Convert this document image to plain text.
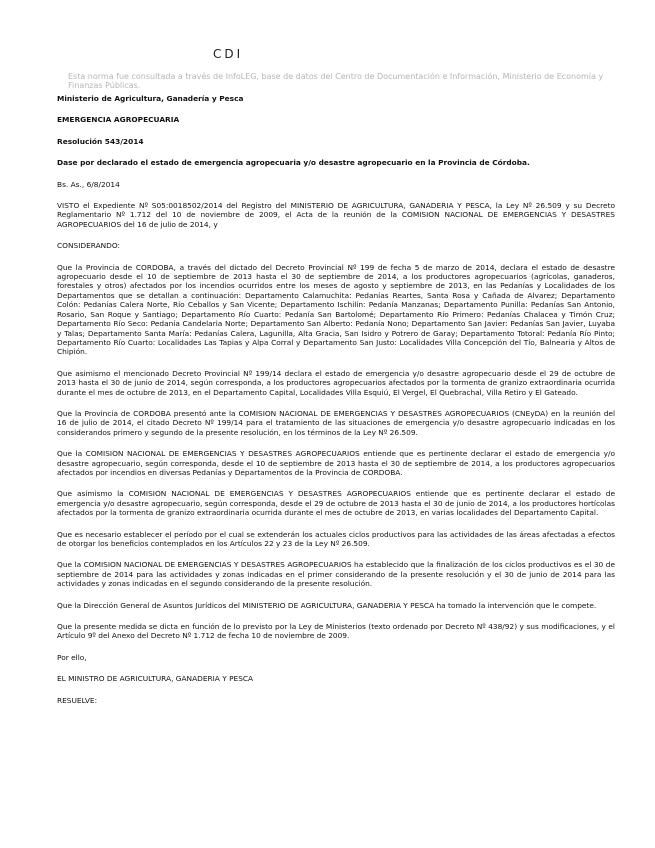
CDI
Esta norma fue consultada a través de InfoLEG, base de datos del Centro de Documentación e Información, Ministerio de Economía y Finanzas Públicas.

Ministerio de Agricultura, Ganadería y Pesca

EMERGENCIA AGROPECUARIA

Resolución 543/2014

Dase por declarado el estado de emergencia agropecuaria y/o desastre agropecuario en la Provincia de Córdoba.

Bs. As., 6/8/2014

VISTO el Expediente Nº S05:0018502/2014 del Registro del MINISTERIO DE AGRICULTURA, GANADERIA Y PESCA, la Ley Nº 26.509 y su Decreto Reglamentario Nº 1.712 del 10 de noviembre de 2009, el Acta de la reunión de la COMISION NACIONAL DE EMERGENCIAS Y DESASTRES AGROPECUARIOS del 16 de julio de 2014, y

CONSIDERANDO:

Que la Provincia de CORDOBA, a través del dictado del Decreto Provincial Nº 199 de fecha 5 de marzo de 2014, declara el estado de desastre agropecuario desde el 10 de septiembre de 2013 hasta el 30 de septiembre de 2014, a los productores agropecuarios (agrícolas, ganaderos, forestales y otros) afectados por los incendios ocurridos entre los meses de agosto y septiembre de 2013, en las Pedanías y Localidades de los Departamentos que se detallan a continuación: Departamento Calamuchita: Pedanías Reartes, Santa Rosa y Cañada de Alvarez; Departamento Colón: Pedanías Calera Norte, Río Ceballos y San Vicente; Departamento Ischilín: Pedanía Manzanas; Departamento Punilla: Pedanías San Antonio, Rosario, San Roque y Santiago; Departamento Río Cuarto: Pedanía San Bartolomé; Departamento Río Primero: Pedanías Chalacea y Timón Cruz; Departamento Río Seco: Pedanía Candelaria Norte; Departamento San Alberto: Pedanía Nono; Departamento San Javier: Pedanías San Javier, Luyaba y Talas; Departamento Santa María: Pedanías Calera, Lagunilla, Alta Gracia, San Isidro y Potrero de Garay; Departamento Totoral: Pedanía Río Pinto; Departamento Río Cuarto: Localidades Las Tapias y Alpa Corral y Departamento San Justo: Localidades Villa Concepción del Tío, Balnearia y Altos de Chipión.

Que asimismo el mencionado Decreto Provincial Nº 199/14 declara el estado de emergencia y/o desastre agropecuario desde el 29 de octubre de 2013 hasta el 30 de junio de 2014, según corresponda, a los productores agropecuarios afectados por la tormenta de granizo extraordinaria ocurrida durante el mes de octubre de 2013, en el Departamento Capital, Localidades Villa Esquiú, El Vergel, El Quebrachal, Villa Retiro y El Gateado.

Que la Provincia de CORDOBA presentó ante la COMISION NACIONAL DE EMERGENCIAS Y DESASTRES AGROPECUARIOS (CNEyDA) en la reunión del 16 de julio de 2014, el citado Decreto Nº 199/14 para el tratamiento de las situaciones de emergencia y/o desastre agropecuario indicadas en los considerandos primero y segundo de la presente resolución, en los términos de la Ley Nº 26.509.

Que la COMISION NACIONAL DE EMERGENCIAS Y DESASTRES AGROPECUARIOS entiende que es pertinente declarar el estado de emergencia y/o desastre agropecuario, según corresponda, desde el 10 de septiembre de 2013 hasta el 30 de septiembre de 2014, a los productores agropecuarios afectados por incendios en diversas Pedanías y Departamentos de la Provincia de CORDOBA.

Que asimismo la COMISION NACIONAL DE EMERGENCIAS Y DESASTRES AGROPECUARIOS entiende que es pertinente declarar el estado de emergencia y/o desastre agropecuario, según corresponda, desde el 29 de octubre de 2013 hasta el 30 de junio de 2014, a los productores hortícolas afectados por la tormenta de granizo extraordinaria ocurrida durante el mes de octubre de 2013, en varias localidades del Departamento Capital.

Que es necesario establecer el período por el cual se extenderán los actuales ciclos productivos para las actividades de las áreas afectadas a efectos de otorgar los beneficios contemplados en los Artículos 22 y 23 de la Ley Nº 26.509.

Que la COMISION NACIONAL DE EMERGENCIAS Y DESASTRES AGROPECUARIOS ha establecido que la finalización de los ciclos productivos es el 30 de septiembre de 2014 para las actividades y zonas indicadas en el primer considerando de la presente resolución y el 30 de junio de 2014 para las actividades y zonas indicadas en el segundo considerando de la presente resolución.

Que la Dirección General de Asuntos Jurídicos del MINISTERIO DE AGRICULTURA, GANADERIA Y PESCA ha tomado la intervención que le compete.

Que la presente medida se dicta en función de lo previsto por la Ley de Ministerios (texto ordenado por Decreto Nº 438/92) y sus modificaciones, y el Artículo 9º del Anexo del Decreto Nº 1.712 de fecha 10 de noviembre de 2009.

Por ello,

EL MINISTRO DE AGRICULTURA, GANADERIA Y PESCA

RESUELVE:
